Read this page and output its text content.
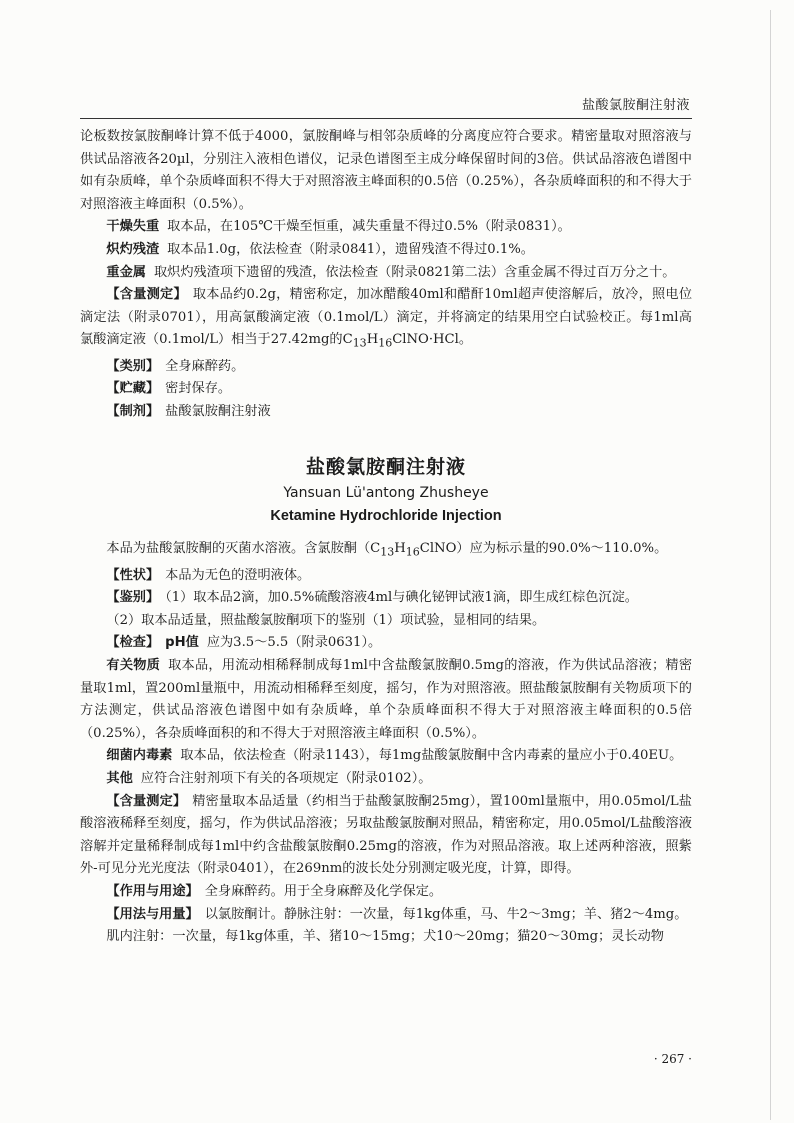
盐酸氯胺酮注射液

论板数按氯胺酮峰计算不低于4000，氯胺酮峰与相邻杂质峰的分离度应符合要求。精密量取对照溶液与供试品溶液各20µl，分别注入液相色谱仪，记录色谱图至主成分峰保留时间的3倍。供试品溶液色谱图中如有杂质峰，单个杂质峰面积不得大于对照溶液主峰面积的0.5倍（0.25%），各杂质峰面积的和不得大于对照溶液主峰面积（0.5%）。

干燥失重 取本品，在105℃干燥至恒重，减失重量不得过0.5%（附录0831）。

炽灼残渣 取本品1.0g，依法检查（附录0841），遗留残渣不得过0.1%。

重金属 取炽灼残渣项下遗留的残渣，依法检查（附录0821第二法）含重金属不得过百万分之十。

【含量测定】 取本品约0.2g，精密称定，加冰醋酸40ml和醋酐10ml超声使溶解后，放冷，照电位滴定法（附录0701），用高氯酸滴定液（0.1mol/L）滴定，并将滴定的结果用空白试验校正。每1ml高氯酸滴定液（0.1mol/L）相当于27.42mg的$C_{13}H_{16}ClNO\cdot HCl$。

【类别】 全身麻醉药。

【贮藏】 密封保存。

【制剂】 盐酸氯胺酮注射液

盐酸氯胺酮注射液
Yansuan Lü'antong Zhusheye
Ketamine Hydrochloride Injection

本品为盐酸氯胺酮的灭菌水溶液。含氯胺酮$(C_{13}H_{16}ClNO)$应为标示量的90.0%～110.0%。

【性状】 本品为无色的澄明液体。

【鉴别】 （1）取本品2滴，加0.5%硫酸溶液4ml与碘化铋钾试液1滴，即生成红棕色沉淀。

（2）取本品适量，照盐酸氯胺酮项下的鉴别（1）项试验，显相同的结果。

【检查】 pH值 应为3.5～5.5（附录0631）。

有关物质 取本品，用流动相稀释制成每1ml中含盐酸氯胺酮0.5mg的溶液，作为供试品溶液；精密量取1ml，置200ml量瓶中，用流动相稀释至刻度，摇匀，作为对照溶液。照盐酸氯胺酮有关物质项下的方法测定，供试品溶液色谱图中如有杂质峰，单个杂质峰面积不得大于对照溶液主峰面积的0.5倍（0.25%），各杂质峰面积的和不得大于对照溶液主峰面积（0.5%）。

细菌内毒素 取本品，依法检查（附录1143），每1mg盐酸氯胺酮中含内毒素的量应小于0.40EU。

其他 应符合注射剂项下有关的各项规定（附录0102）。

【含量测定】 精密量取本品适量（约相当于盐酸氯胺酮25mg），置100ml量瓶中，用0.05mol/L盐酸溶液稀释至刻度，摇匀，作为供试品溶液；另取盐酸氯胺酮对照品，精密称定，用0.05mol/L盐酸溶液溶解并定量稀释制成每1ml中约含盐酸氯胺酮0.25mg的溶液，作为对照品溶液。取上述两种溶液，照紫外-可见分光光度法（附录0401），在269nm的波长处分别测定吸光度，计算，即得。

【作用与用途】 全身麻醉药。用于全身麻醉及化学保定。

【用法与用量】 以氯胺酮计。静脉注射：一次量，每1kg体重，马、牛2～3mg；羊、猪2～4mg。

肌内注射：一次量，每1kg体重，羊、猪10～15mg；犬10～20mg；猫20～30mg；灵长动物

· 267 ·
